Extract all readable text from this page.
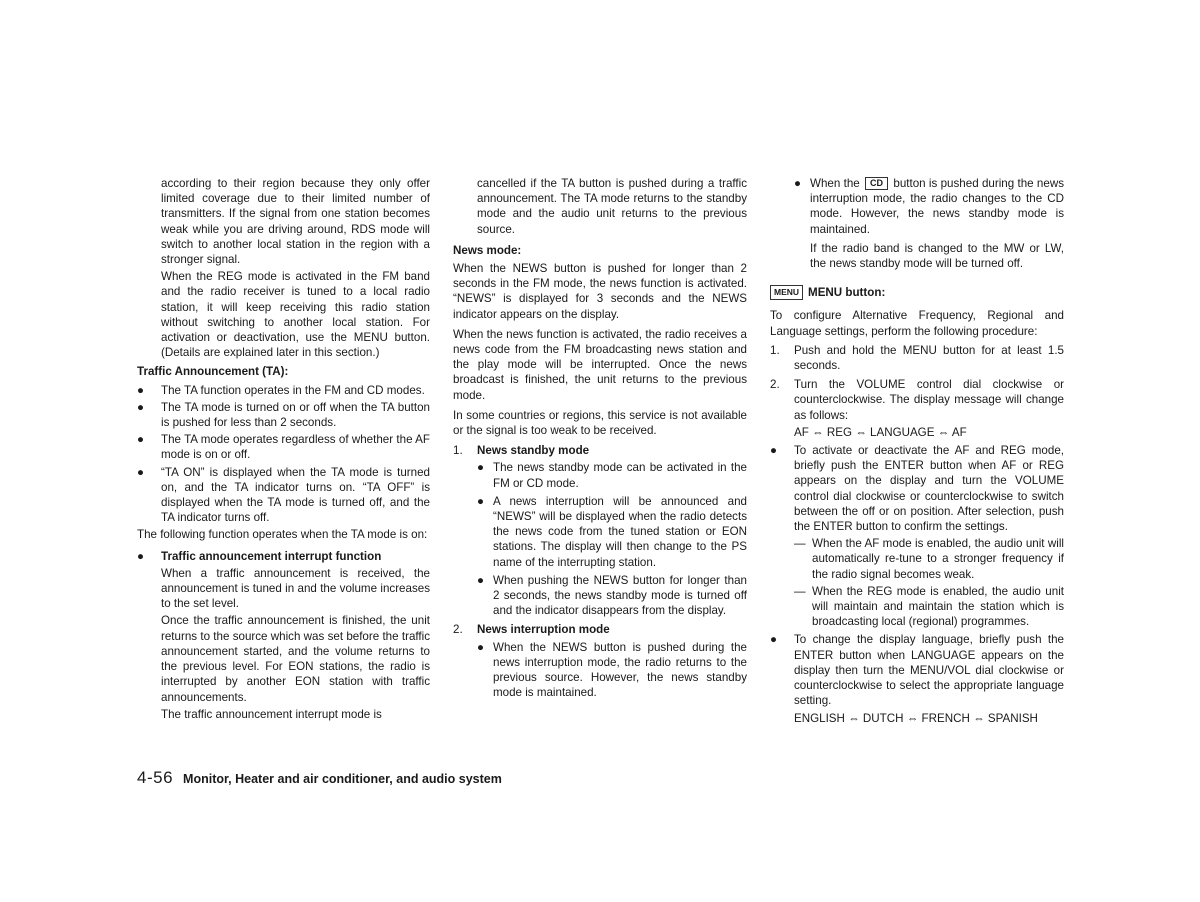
according to their region because they only offer limited coverage due to their limited number of transmitters. If the signal from one station becomes weak while you are driving around, RDS mode will switch to another local station in the region with a stronger signal.

When the REG mode is activated in the FM band and the radio receiver is tuned to a local radio station, it will keep receiving this radio station without switching to another local station. For activation or deactivation, use the MENU button. (Details are explained later in this section.)

Traffic Announcement (TA):

● The TA function operates in the FM and CD modes.
● The TA mode is turned on or off when the TA button is pushed for less than 2 seconds.
● The TA mode operates regardless of whether the AF mode is on or off.
● “TA ON” is displayed when the TA mode is turned on, and the TA indicator turns on. “TA OFF” is displayed when the TA mode is turned off, and the TA indicator turns off.

The following function operates when the TA mode is on:

● Traffic announcement interrupt function

When a traffic announcement is received, the announcement is tuned in and the volume increases to the set level.

Once the traffic announcement is finished, the unit returns to the source which was set before the traffic announcement started, and the volume returns to the previous level. For EON stations, the radio is interrupted by another EON station with traffic announcements.

The traffic announcement interrupt mode is

cancelled if the TA button is pushed during a traffic announcement. The TA mode returns to the standby mode and the audio unit returns to the previous source.

News mode:

When the NEWS button is pushed for longer than 2 seconds in the FM mode, the news function is activated. “NEWS” is displayed for 3 seconds and the NEWS indicator appears on the display.

When the news function is activated, the radio receives a news code from the FM broadcasting news station and the play mode will be interrupted. Once the news broadcast is finished, the unit returns to the previous mode.

In some countries or regions, this service is not available or the signal is too weak to be received.

1. News standby mode
● The news standby mode can be activated in the FM or CD mode.
● A news interruption will be announced and “NEWS” will be displayed when the radio detects the news code from the tuned station or EON stations. The display will then change to the PS name of the interrupting station.
● When pushing the NEWS button for longer than 2 seconds, the news standby mode is turned off and the indicator disappears from the display.
2. News interruption mode
● When the NEWS button is pushed during the news interruption mode, the radio returns to the previous source. However, the news standby mode is maintained.
● When the CD button is pushed during the news interruption mode, the radio changes to the CD mode. However, the news standby mode is maintained.

If the radio band is changed to the MW or LW, the news standby mode will be turned off.

MENU MENU button:

To configure Alternative Frequency, Regional and Language settings, perform the following procedure:

1. Push and hold the MENU button for at least 1.5 seconds.
2. Turn the VOLUME control dial clockwise or counterclockwise. The display message will change as follows:

AF ⇔ REG ⇔ LANGUAGE ⇔ AF

● To activate or deactivate the AF and REG mode, briefly push the ENTER button when AF or REG appears on the display and turn the VOLUME control dial clockwise or counterclockwise to switch between the off or on position. After selection, push the ENTER button to confirm the settings.
— When the AF mode is enabled, the audio unit will automatically re-tune to a stronger frequency if the radio signal becomes weak.
— When the REG mode is enabled, the audio unit will maintain and maintain the station which is broadcasting local (regional) programmes.
● To change the display language, briefly push the ENTER button when LANGUAGE appears on the display then turn the MENU/VOL dial clockwise or counterclockwise to select the appropriate language setting.

ENGLISH ⇔ DUTCH ⇔ FRENCH ⇔ SPANISH

4-56 Monitor, Heater and air conditioner, and audio system
